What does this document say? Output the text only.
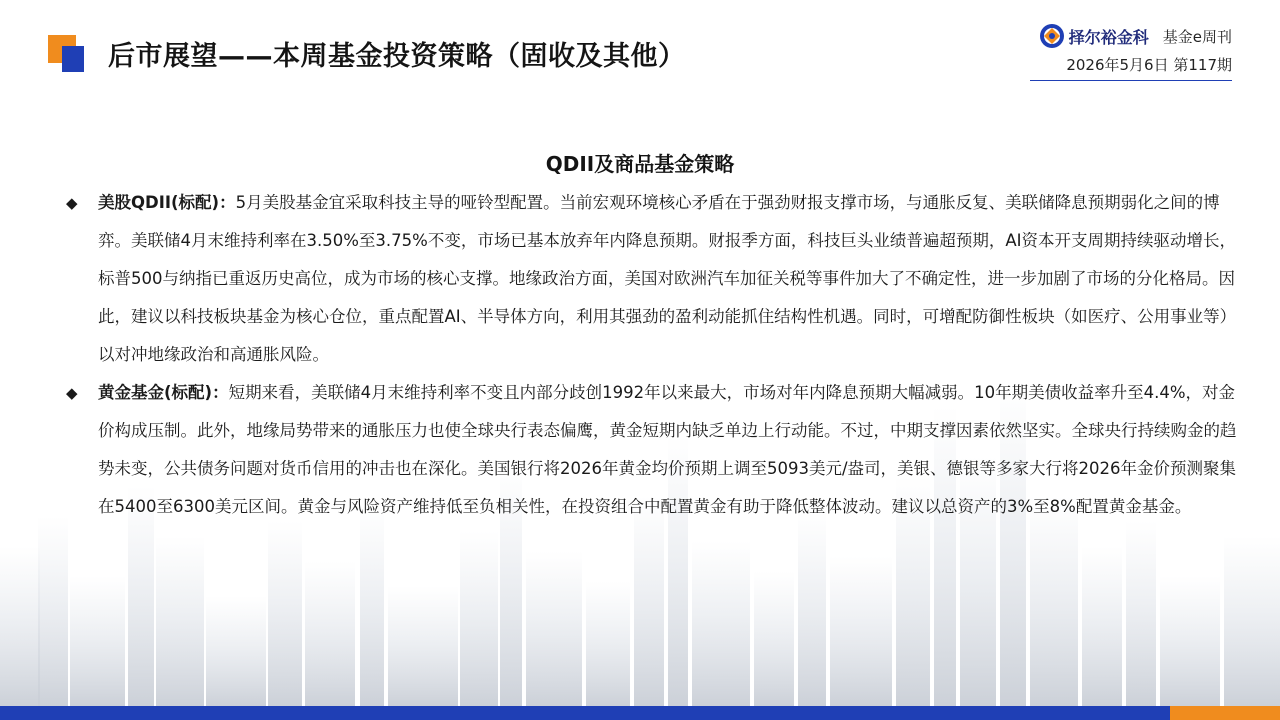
后市展望——本周基金投资策略（固收及其他）
择尔裕金科 基金e周刊
2026年5月6日 第117期
QDII及商品基金策略
◆ 美股QDII(标配)：5月美股基金宜采取科技主导的哑铃型配置。当前宏观环境核心矛盾在于强劲财报支撑市场，与通胀反复、美联储降息预期弱化之间的博弈。美联储4月末维持利率在3.50%至3.75%不变，市场已基本放弃年内降息预期。财报季方面，科技巨头业绩普遍超预期，AI资本开支周期持续驱动增长，标普500与纳指已重返历史高位，成为市场的核心支撑。地缘政治方面，美国对欧洲汽车加征关税等事件加大了不确定性，进一步加剧了市场的分化格局。因此，建议以科技板块基金为核心仓位，重点配置AI、半导体方向，利用其强劲的盈利动能抓住结构性机遇。同时，可增配防御性板块（如医疗、公用事业等）以对冲地缘政治和高通胀风险。
◆ 黄金基金(标配)：短期来看，美联储4月末维持利率不变且内部分歧创1992年以来最大，市场对年内降息预期大幅减弱。10年期美债收益率升至4.4%，对金价构成压制。此外，地缘局势带来的通胀压力也使全球央行表态偏鹰，黄金短期内缺乏单边上行动能。不过，中期支撑因素依然坚实。全球央行持续购金的趋势未变，公共债务问题对货币信用的冲击也在深化。美国银行将2026年黄金均价预期上调至5093美元/盎司，美银、德银等多家大行将2026年金价预测聚集在5400至6300美元区间。黄金与风险资产维持低至负相关性，在投资组合中配置黄金有助于降低整体波动。建议以总资产的3%至8%配置黄金基金。
